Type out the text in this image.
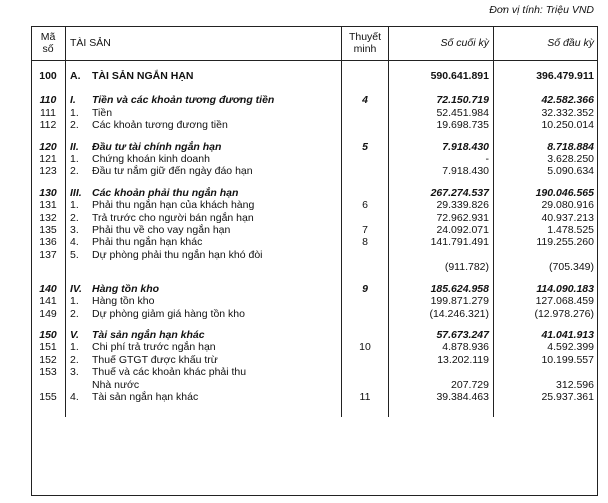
Đơn vị tính: Triệu VND
Mã
số	TÀI SẢN	Thuyết
minh	Số cuối kỳ	Số đầu kỳ

100	A. TÀI SẢN NGẮN HẠN		590.641.891	396.479.911

110	I. Tiền và các khoản tương đương tiền	4	72.150.719	42.582.366
111	1. Tiền		52.451.984	32.332.352
112	2. Các khoản tương đương tiền		19.698.735	10.250.014

120	II. Đầu tư tài chính ngắn hạn	5	7.918.430	8.718.884
121	1. Chứng khoán kinh doanh		-	3.628.250
123	2. Đầu tư nắm giữ đến ngày đáo hạn		7.918.430	5.090.634

130	III. Các khoản phải thu ngắn hạn		267.274.537	190.046.565
131	1. Phải thu ngắn hạn của khách hàng	6	29.339.826	29.080.916
132	2. Trả trước cho người bán ngắn hạn		72.962.931	40.937.213
135	3. Phải thu về cho vay ngắn hạn	7	24.092.071	1.478.525
136	4. Phải thu ngắn hạn khác	8	141.791.491	119.255.260
137	5. Dự phòng phải thu ngắn hạn khó đòi			
			(911.782)	(705.349)

140	IV. Hàng tồn kho	9	185.624.958	114.090.183
141	1. Hàng tồn kho		199.871.279	127.068.459
149	2. Dự phòng giảm giá hàng tồn kho		(14.246.321)	(12.978.276)

150	V. Tài sản ngắn hạn khác		57.673.247	41.041.913
151	1. Chi phí trả trước ngắn hạn	10	4.878.936	4.592.399
152	2. Thuế GTGT được khấu trừ		13.202.119	10.199.557
153	3. Thuế và các khoản khác phải thu			
	Nhà nước		207.729	312.596
155	4. Tài sản ngắn hạn khác	11	39.384.463	25.937.361
